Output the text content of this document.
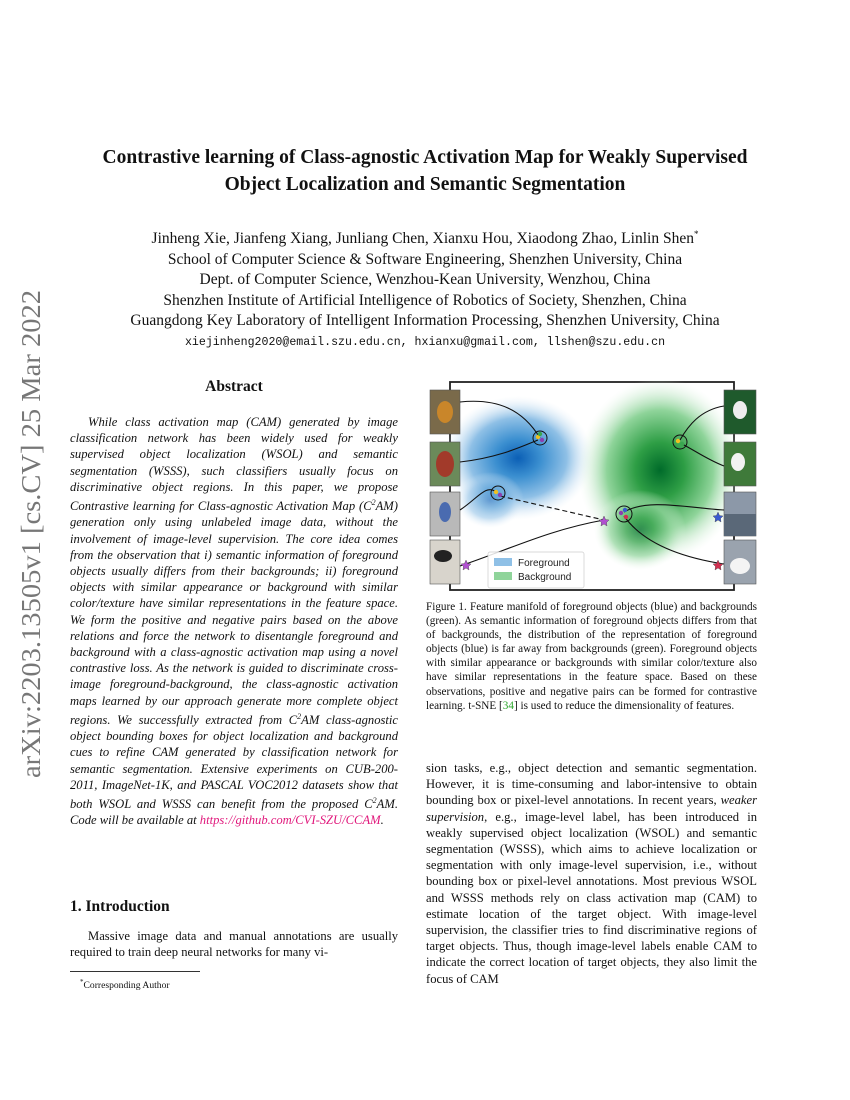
arXiv:2203.13505v1 [cs.CV] 25 Mar 2022
Contrastive learning of Class-agnostic Activation Map for Weakly Supervised
Object Localization and Semantic Segmentation
Jinheng Xie, Jianfeng Xiang, Junliang Chen, Xianxu Hou, Xiaodong Zhao, Linlin Shen*
School of Computer Science & Software Engineering, Shenzhen University, China
Dept. of Computer Science, Wenzhou-Kean University, Wenzhou, China
Shenzhen Institute of Artificial Intelligence of Robotics of Society, Shenzhen, China
Guangdong Key Laboratory of Intelligent Information Processing, Shenzhen University, China
xiejinheng2020@email.szu.edu.cn, hxianxu@gmail.com, llshen@szu.edu.cn
Abstract
While class activation map (CAM) generated by image classification network has been widely used for weakly supervised object localization (WSOL) and semantic segmentation (WSSS), such classifiers usually focus on discriminative object regions. In this paper, we propose Contrastive learning for Class-agnostic Activation Map $(C^2AM)$ generation only using unlabeled image data, without the involvement of image-level supervision. The core idea comes from the observation that i) semantic information of foreground objects usually differs from their backgrounds; ii) foreground objects with similar appearance or background with similar color/texture have similar representations in the feature space. We form the positive and negative pairs based on the above relations and force the network to disentangle foreground and background with a class-agnostic activation map using a novel contrastive loss. As the network is guided to discriminate cross-image foreground-background, the class-agnostic activation maps learned by our approach generate more complete object regions. We successfully extracted from $C^2AM$ class-agnostic object bounding boxes for object localization and background cues to refine CAM generated by classification network for semantic segmentation. Extensive experiments on CUB-200-2011, ImageNet-1K, and PASCAL VOC2012 datasets show that both WSOL and WSSS can benefit from the proposed $C^2AM$. Code will be available at https://github.com/CVI-SZU/CCAM.
1. Introduction
Massive image data and manual annotations are usually required to train deep neural networks for many vi-
*Corresponding Author
Foreground
Background
Figure 1. Feature manifold of foreground objects (blue) and backgrounds (green). As semantic information of foreground objects differs from that of backgrounds, the distribution of the representation of foreground objects (blue) is far away from backgrounds (green). Foreground objects with similar appearance or backgrounds with similar color/texture also have similar representations in the feature space. Based on these observations, positive and negative pairs can be formed for contrastive learning. t-SNE [34] is used to reduce the dimensionality of features.
sion tasks, e.g., object detection and semantic segmentation. However, it is time-consuming and labor-intensive to obtain bounding box or pixel-level annotations. In recent years, weaker supervision, e.g., image-level label, has been introduced in weakly supervised object localization (WSOL) and semantic segmentation (WSSS), which aims to achieve localization or segmentation with only image-level supervision, i.e., without bounding box or pixel-level annotations. Most previous WSOL and WSSS methods rely on class activation map (CAM) to estimate location of the target object. With image-level supervision, the classifier tries to find discriminative regions of target objects. Thus, though image-level labels enable CAM to indicate the correct location of target objects, they also limit the focus of CAM
